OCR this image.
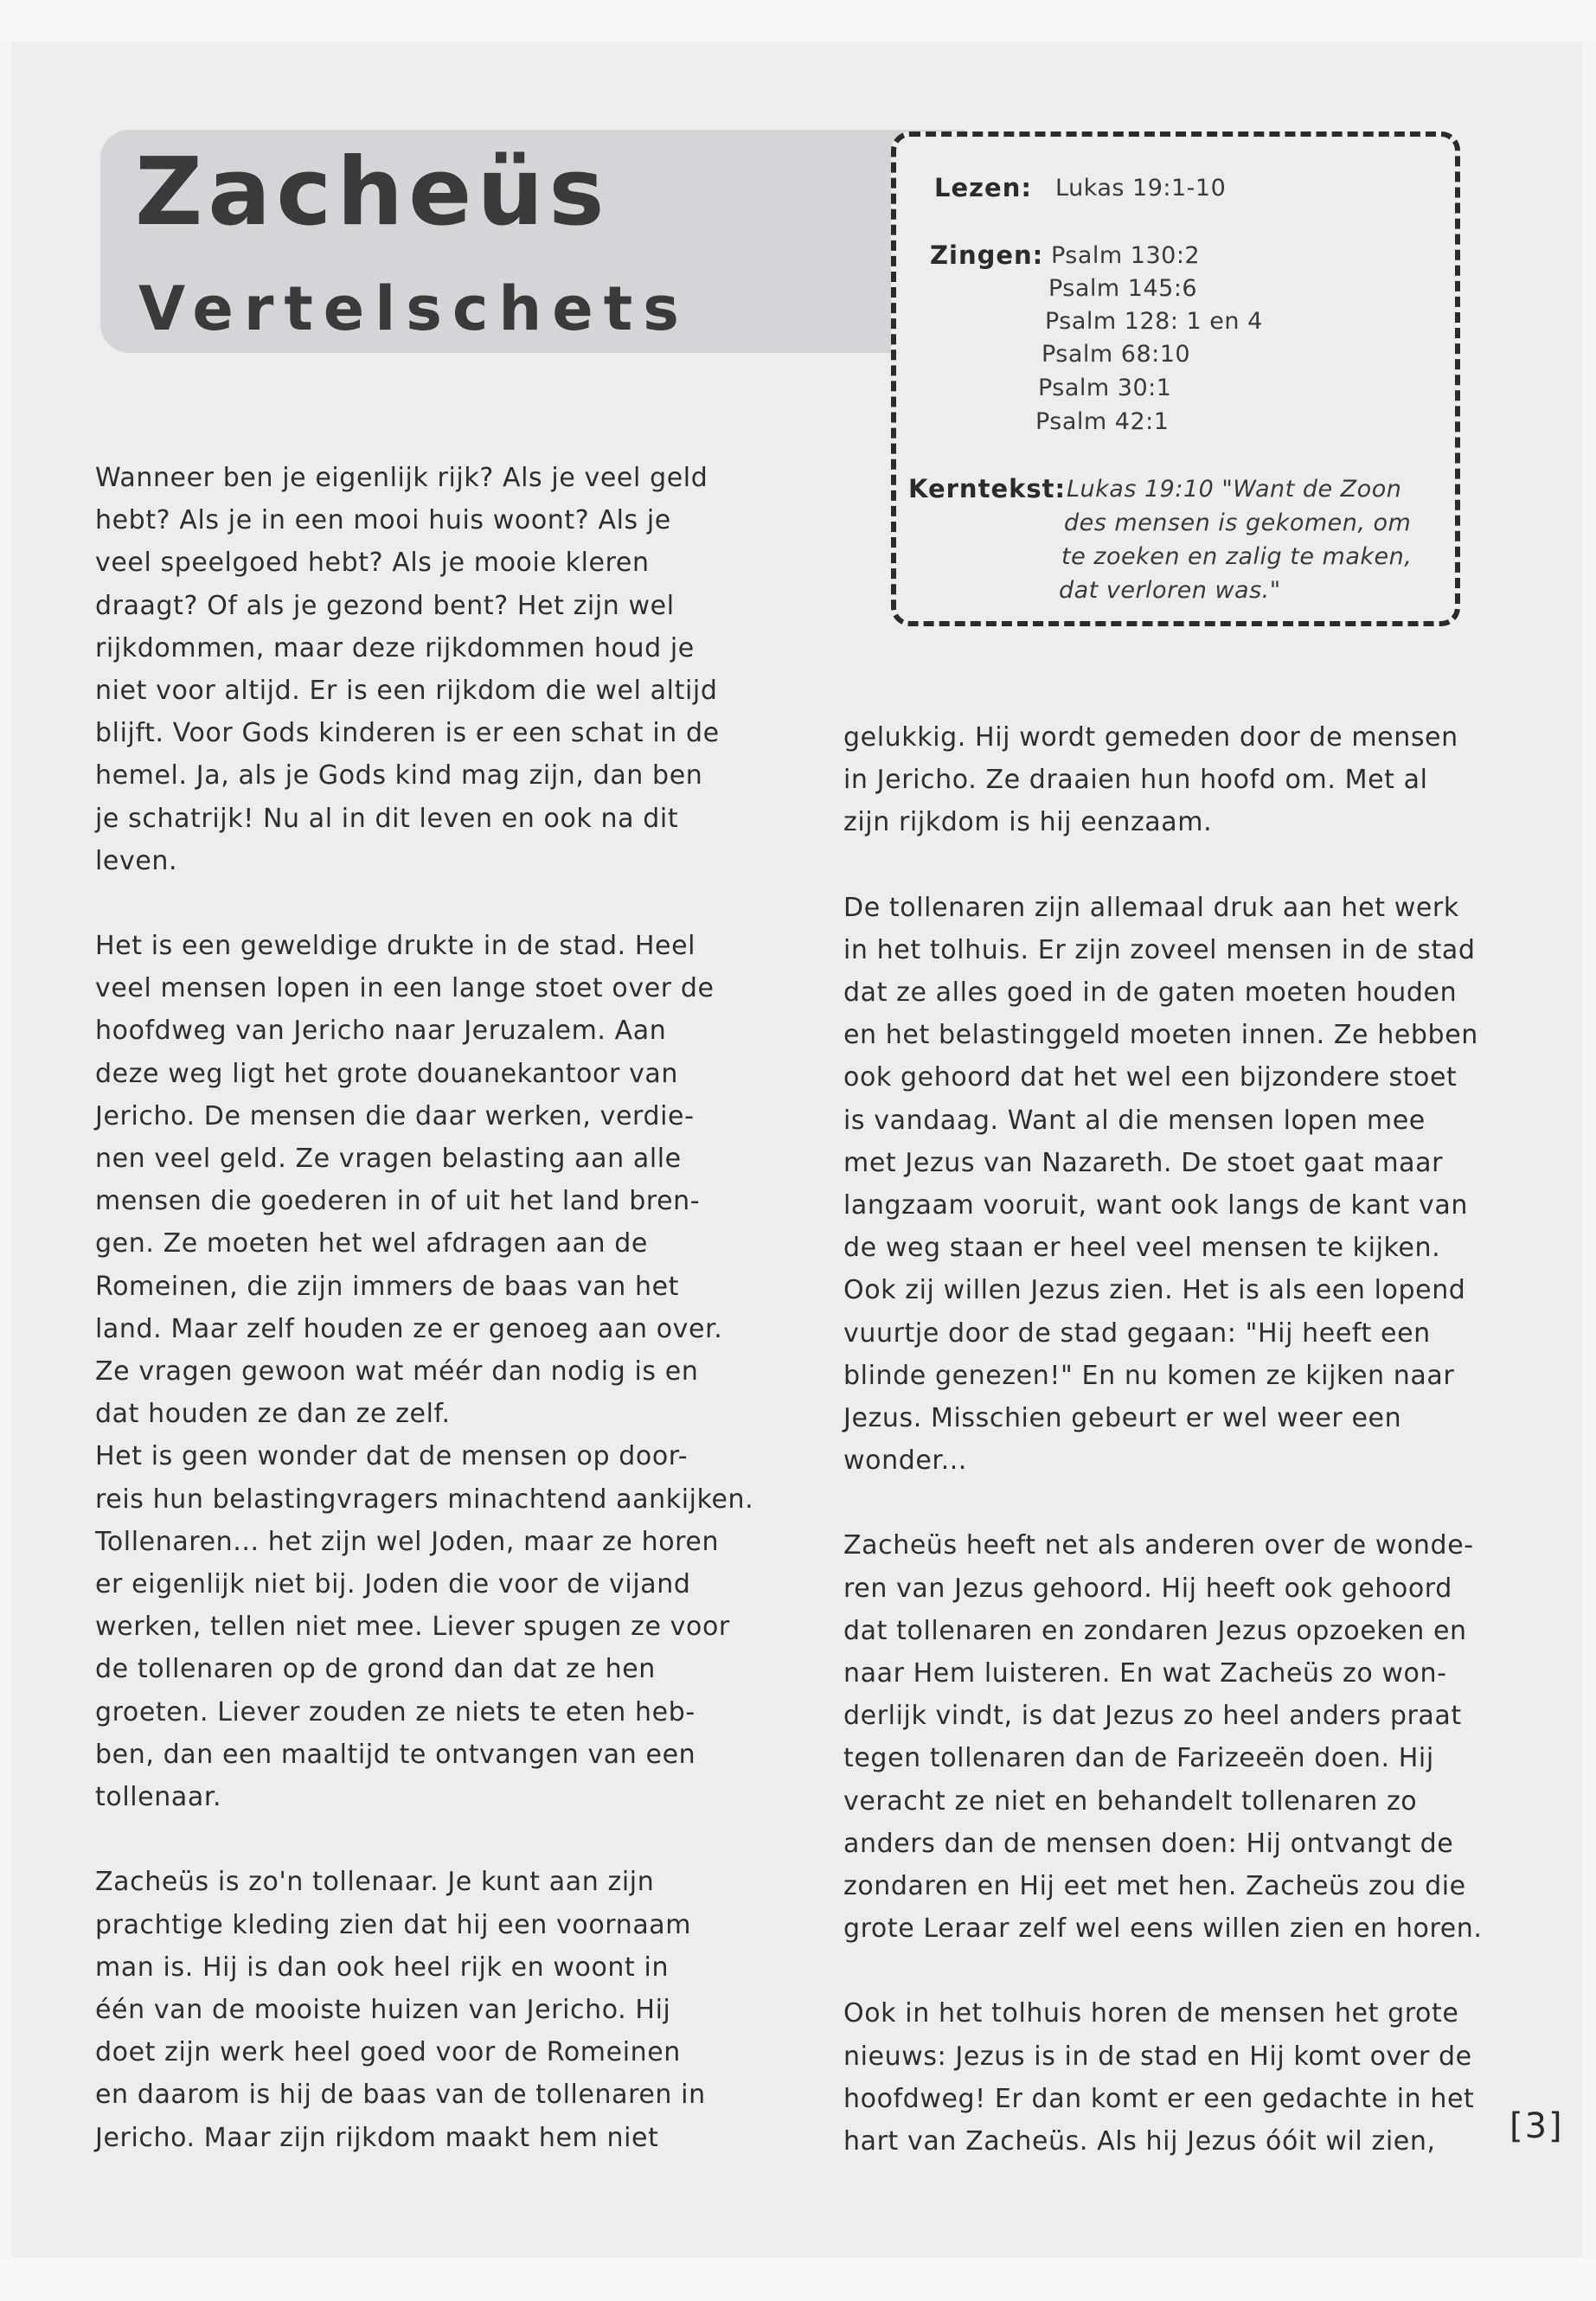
Zacheüs
Vertelschets
Lezen: Lukas 19:1-10
Zingen: Psalm 130:2
Psalm 145:6
Psalm 128: 1 en 4
Psalm 68:10
Psalm 30:1
Psalm 42:1
Kerntekst: Lukas 19:10 "Want de Zoon
des mensen is gekomen, om
te zoeken en zalig te maken,
dat verloren was."

Wanneer ben je eigenlijk rijk? Als je veel geld
hebt? Als je in een mooi huis woont? Als je
veel speelgoed hebt? Als je mooie kleren
draagt? Of als je gezond bent? Het zijn wel
rijkdommen, maar deze rijkdommen houd je
niet voor altijd. Er is een rijkdom die wel altijd
blijft. Voor Gods kinderen is er een schat in de
hemel. Ja, als je Gods kind mag zijn, dan ben
je schatrijk! Nu al in dit leven en ook na dit
leven.

Het is een geweldige drukte in de stad. Heel
veel mensen lopen in een lange stoet over de
hoofdweg van Jericho naar Jeruzalem. Aan
deze weg ligt het grote douanekantoor van
Jericho. De mensen die daar werken, verdie-
nen veel geld. Ze vragen belasting aan alle
mensen die goederen in of uit het land bren-
gen. Ze moeten het wel afdragen aan de
Romeinen, die zijn immers de baas van het
land. Maar zelf houden ze er genoeg aan over.
Ze vragen gewoon wat méér dan nodig is en
dat houden ze dan ze zelf.

Het is geen wonder dat de mensen op door-
reis hun belastingvragers minachtend aankijken.
Tollenaren... het zijn wel Joden, maar ze horen
er eigenlijk niet bij. Joden die voor de vijand
werken, tellen niet mee. Liever spugen ze voor
de tollenaren op de grond dan dat ze hen
groeten. Liever zouden ze niets te eten heb-
ben, dan een maaltijd te ontvangen van een
tollenaar.

Zacheüs is zo'n tollenaar. Je kunt aan zijn
prachtige kleding zien dat hij een voornaam
man is. Hij is dan ook heel rijk en woont in
één van de mooiste huizen van Jericho. Hij
doet zijn werk heel goed voor de Romeinen
en daarom is hij de baas van de tollenaren in
Jericho. Maar zijn rijkdom maakt hem niet

gelukkig. Hij wordt gemeden door de mensen
in Jericho. Ze draaien hun hoofd om. Met al
zijn rijkdom is hij eenzaam.

De tollenaren zijn allemaal druk aan het werk
in het tolhuis. Er zijn zoveel mensen in de stad
dat ze alles goed in de gaten moeten houden
en het belastinggeld moeten innen. Ze hebben
ook gehoord dat het wel een bijzondere stoet
is vandaag. Want al die mensen lopen mee
met Jezus van Nazareth. De stoet gaat maar
langzaam vooruit, want ook langs de kant van
de weg staan er heel veel mensen te kijken.
Ook zij willen Jezus zien. Het is als een lopend
vuurtje door de stad gegaan: "Hij heeft een
blinde genezen!" En nu komen ze kijken naar
Jezus. Misschien gebeurt er wel weer een
wonder...

Zacheüs heeft net als anderen over de wonde-
ren van Jezus gehoord. Hij heeft ook gehoord
dat tollenaren en zondaren Jezus opzoeken en
naar Hem luisteren. En wat Zacheüs zo won-
derlijk vindt, is dat Jezus zo heel anders praat
tegen tollenaren dan de Farizeeën doen. Hij
veracht ze niet en behandelt tollenaren zo
anders dan de mensen doen: Hij ontvangt de
zondaren en Hij eet met hen. Zacheüs zou die
grote Leraar zelf wel eens willen zien en horen.

Ook in het tolhuis horen de mensen het grote
nieuws: Jezus is in de stad en Hij komt over de
hoofdweg! Er dan komt er een gedachte in het
hart van Zacheüs. Als hij Jezus óóit wil zien,	[3]
